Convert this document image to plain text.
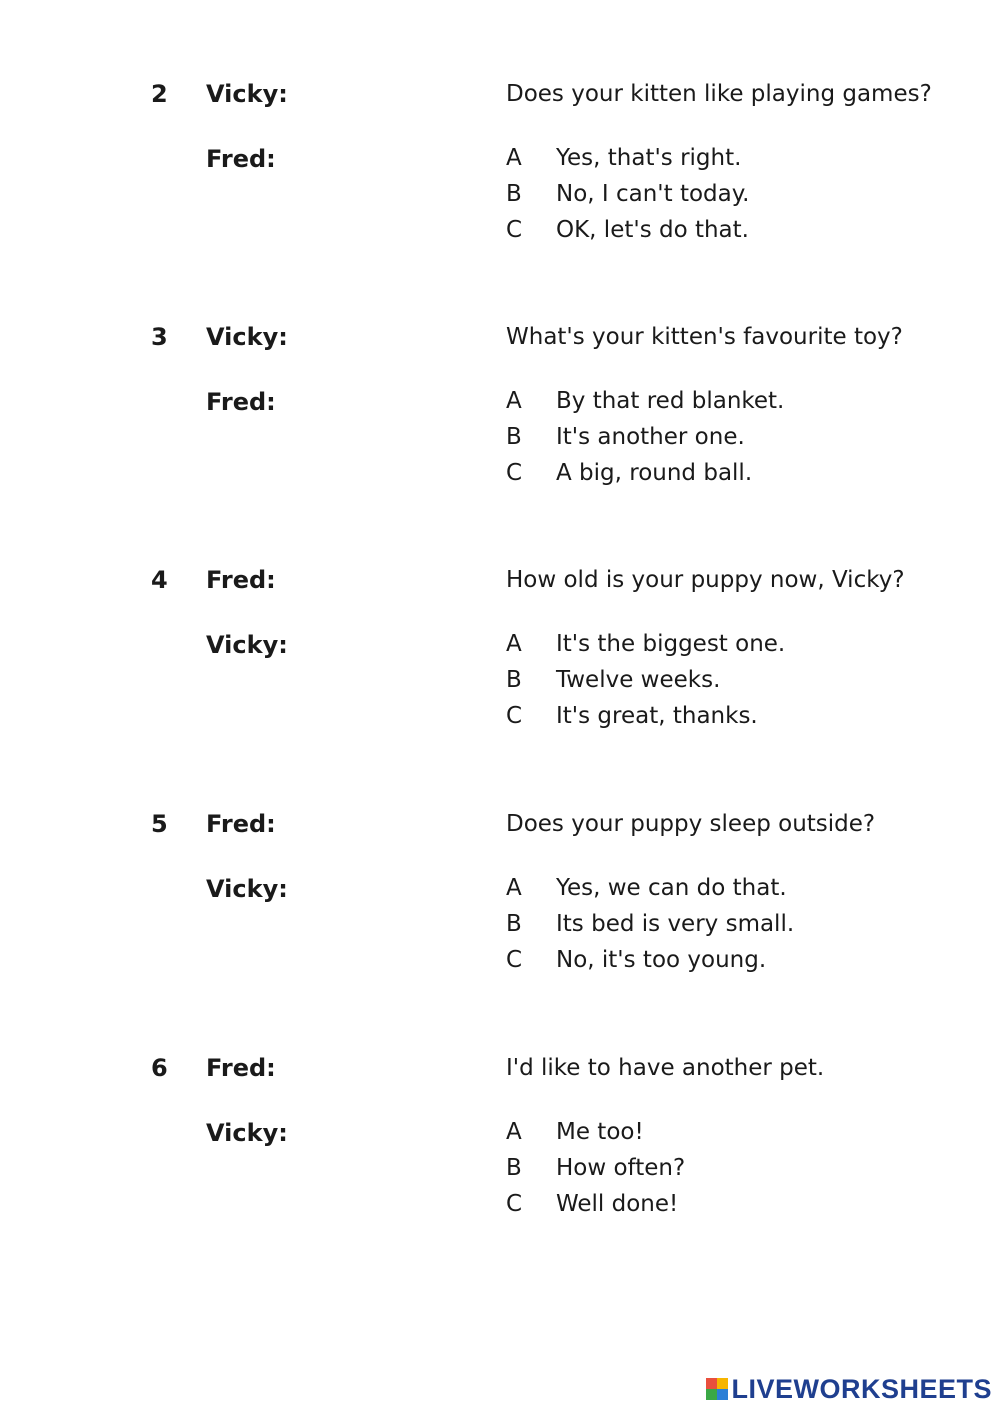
2 Vicky:	Does your kitten like playing games?
Fred:	A Yes, that's right.
B No, I can't today.
C OK, let's do that.
3 Vicky:	What's your kitten's favourite toy?
Fred:	A By that red blanket.
B It's another one.
C A big, round ball.
4 Fred:	How old is your puppy now, Vicky?
Vicky:	A It's the biggest one.
B Twelve weeks.
C It's great, thanks.
5 Fred:	Does your puppy sleep outside?
Vicky:	A Yes, we can do that.
B Its bed is very small.
C No, it's too young.
6 Fred:	I'd like to have another pet.
Vicky:	A Me too!
B How often?
C Well done!
LIVEWORKSHEETS
